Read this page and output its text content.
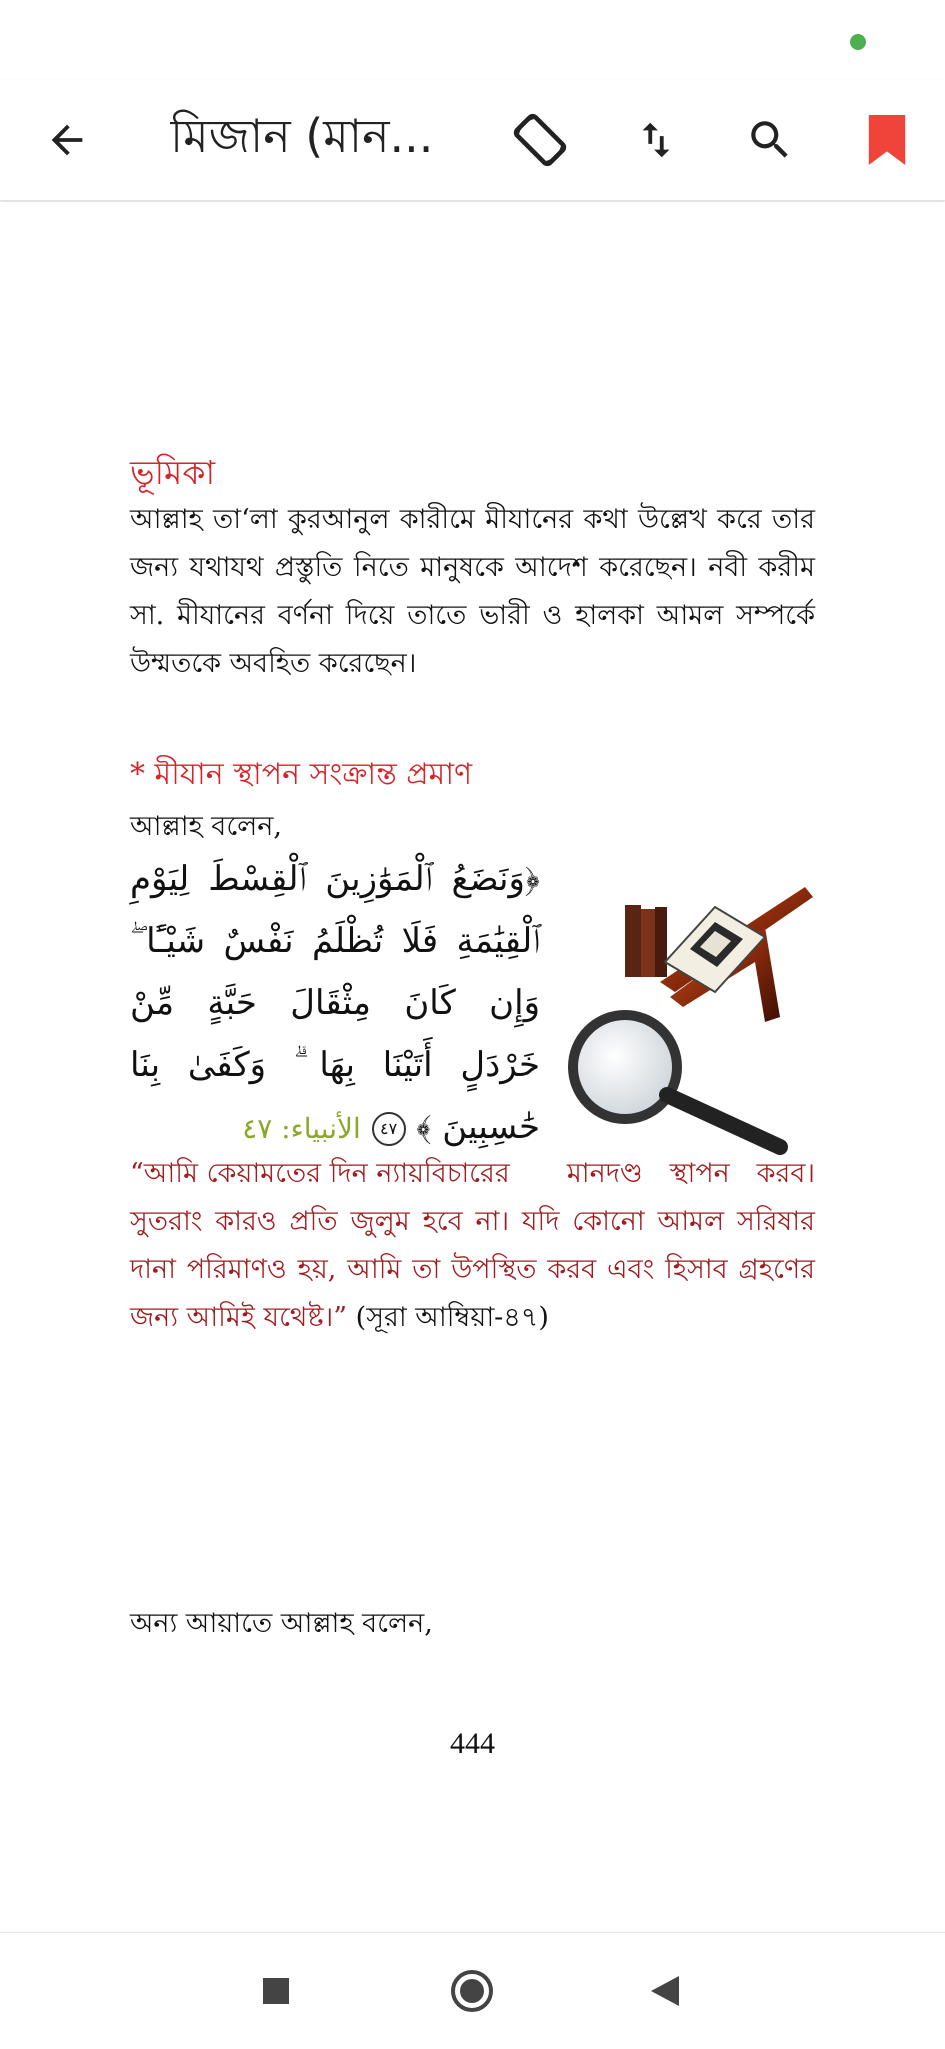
মিজান (মান...
ভূমিকা
আল্লাহ তা‘লা কুরআনুল কারীমে মীযানের কথা উল্লেখ করে তার জন্য যথাযথ প্রস্তুতি নিতে মানুষকে আদেশ করেছেন। নবী করীম সা. মীযানের বর্ণনা দিয়ে তাতে ভারী ও হালকা আমল সম্পর্কে উম্মতকে অবহিত করেছেন।
* মীযান স্থাপন সংক্রান্ত প্রমাণ
আল্লাহ বলেন,
﴿وَنَضَعُ ٱلْمَوَٰزِينَ ٱلْقِسْطَ لِيَوْمِ ٱلْقِيَٰمَةِ فَلَا تُظْلَمُ نَفْسٌ شَيْـًٔا ۖ وَإِن كَانَ مِثْقَالَ حَبَّةٍ مِّنْ خَرْدَلٍ أَتَيْنَا بِهَا ۗ وَكَفَىٰ بِنَا حَٰسِبِينَ ﴾ ٤٧ الأنبياء: ٤٧
“আমি কেয়ামতের দিন ন্যায়বিচারের মানদণ্ড স্থাপন করব। সুতরাং কারও প্রতি জুলুম হবে না। যদি কোনো আমল সরিষার দানা পরিমাণও হয়, আমি তা উপস্থিত করব এবং হিসাব গ্রহণের জন্য আমিই যথেষ্ট।” (সূরা আম্বিয়া-৪৭)
অন্য আয়াতে আল্লাহ বলেন,
444
